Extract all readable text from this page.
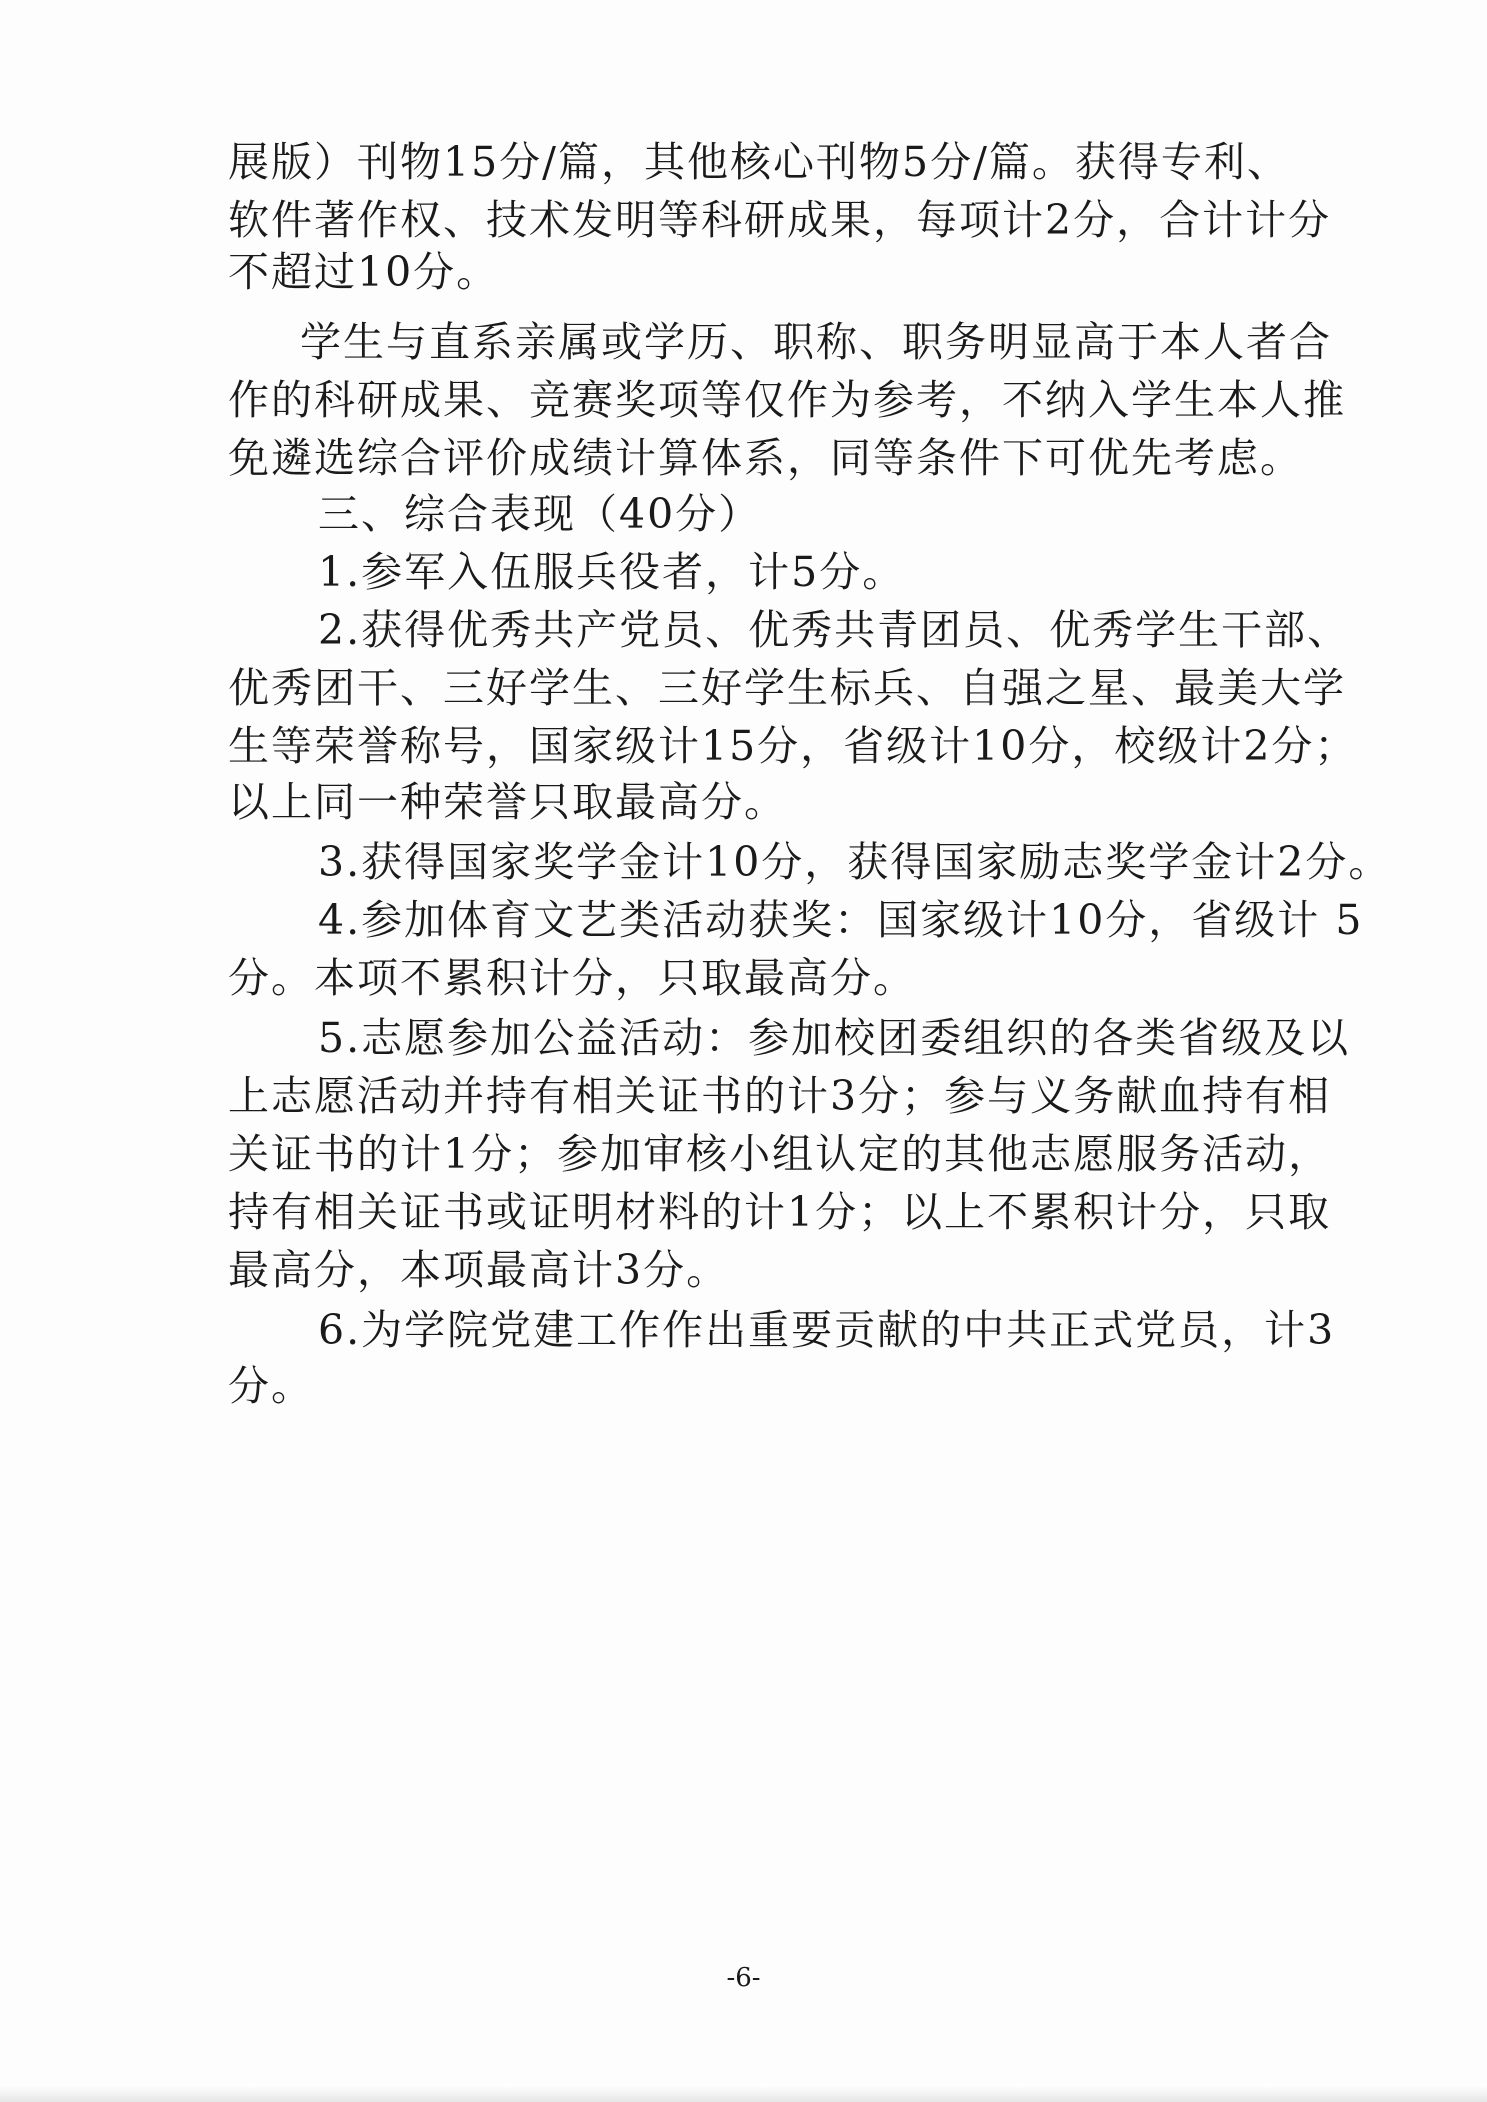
展版）刊物15分/篇，其他核心刊物5分/篇。获得专利、
软件著作权、技术发明等科研成果，每项计2分，合计计分
不超过10分。
学生与直系亲属或学历、职称、职务明显高于本人者合
作的科研成果、竞赛奖项等仅作为参考，不纳入学生本人推
免遴选综合评价成绩计算体系，同等条件下可优先考虑。
三、综合表现（40分）
1.参军入伍服兵役者，计5分。
2.获得优秀共产党员、优秀共青团员、优秀学生干部、
优秀团干、三好学生、三好学生标兵、自强之星、最美大学
生等荣誉称号，国家级计15分，省级计10分，校级计2分；
以上同一种荣誉只取最高分。
3.获得国家奖学金计10分，获得国家励志奖学金计2分。
4.参加体育文艺类活动获奖：国家级计10分，省级计 5
分。本项不累积计分，只取最高分。
5.志愿参加公益活动：参加校团委组织的各类省级及以
上志愿活动并持有相关证书的计3分；参与义务献血持有相
关证书的计1分；参加审核小组认定的其他志愿服务活动，
持有相关证书或证明材料的计1分；以上不累积计分，只取
最高分，本项最高计3分。
6.为学院党建工作作出重要贡献的中共正式党员，计3
分。
-6-
